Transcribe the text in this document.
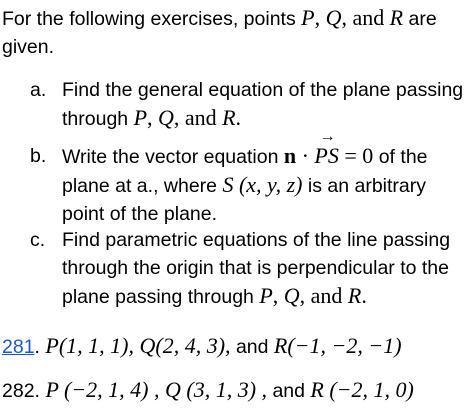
For the following exercises, points P, Q, and R are
given.
a. Find the general equation of the plane passing
through P, Q, and R.
b. Write the vector equation n ·
→
PS = 0 of the
plane at a., where S (x, y, z) is an arbitrary
point of the plane.
c. Find parametric equations of the line passing
through the origin that is perpendicular to the
plane passing through P, Q, and R.
281. P(1, 1, 1), Q(2, 4, 3), and R(−1, −2, −1)
282. P (−2, 1, 4) , Q (3, 1, 3) , and R (−2, 1, 0)
